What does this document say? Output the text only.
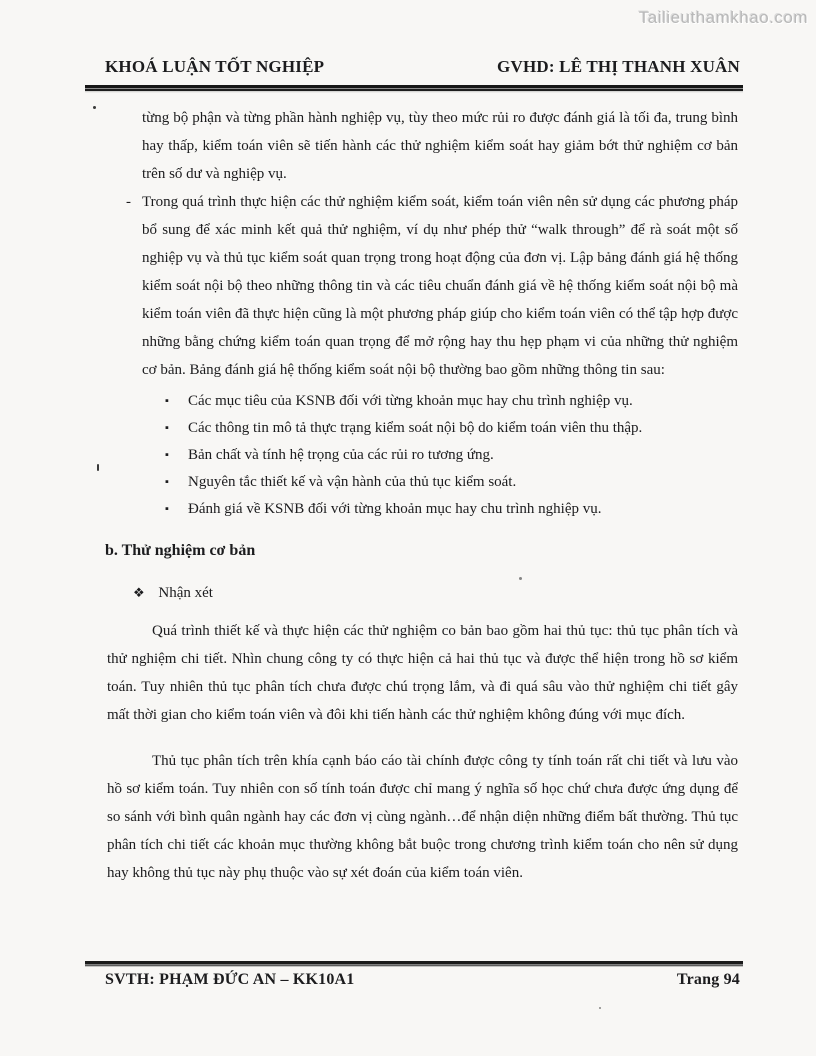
Tailieuthamkhao.com
KHOÁ LUẬN TỐT NGHIỆP	GVHD: LÊ THỊ THANH XUÂN

từng bộ phận và từng phần hành nghiệp vụ, tùy theo mức rủi ro được đánh giá là tối đa, trung bình hay thấp, kiểm toán viên sẽ tiến hành các thử nghiệm kiểm soát hay giảm bớt thử nghiệm cơ bản trên số dư và nghiệp vụ.

- Trong quá trình thực hiện các thử nghiệm kiểm soát, kiểm toán viên nên sử dụng các phương pháp bổ sung để xác minh kết quả thử nghiệm, ví dụ như phép thử “walk through” để rà soát một số nghiệp vụ và thủ tục kiểm soát quan trọng trong hoạt động của đơn vị. Lập bảng đánh giá hệ thống kiểm soát nội bộ theo những thông tin và các tiêu chuẩn đánh giá về hệ thống kiểm soát nội bộ mà kiểm toán viên đã thực hiện cũng là một phương pháp giúp cho kiểm toán viên có thể tập hợp được những bằng chứng kiểm toán quan trọng để mở rộng hay thu hẹp phạm vi của những thử nghiệm cơ bản. Bảng đánh giá hệ thống kiểm soát nội bộ thường bao gồm những thông tin sau:
▪ Các mục tiêu của KSNB đối với từng khoản mục hay chu trình nghiệp vụ.
▪ Các thông tin mô tả thực trạng kiểm soát nội bộ do kiểm toán viên thu thập.
▪ Bản chất và tính hệ trọng của các rủi ro tương ứng.
▪ Nguyên tắc thiết kế và vận hành của thủ tục kiểm soát.
▪ Đánh giá về KSNB đối với từng khoản mục hay chu trình nghiệp vụ.
b. Thử nghiệm cơ bản
❖ Nhận xét

Quá trình thiết kế và thực hiện các thử nghiệm co bản bao gồm hai thủ tục: thủ tục phân tích và thử nghiệm chi tiết. Nhìn chung công ty có thực hiện cả hai thủ tục và được thể hiện trong hồ sơ kiểm toán. Tuy nhiên thủ tục phân tích chưa được chú trọng lắm, và đi quá sâu vào thử nghiệm chi tiết gây mất thời gian cho kiểm toán viên và đôi khi tiến hành các thử nghiệm không đúng với mục đích.

Thủ tục phân tích trên khía cạnh báo cáo tài chính được công ty tính toán rất chi tiết và lưu vào hồ sơ kiểm toán. Tuy nhiên con số tính toán được chỉ mang ý nghĩa số học chứ chưa được ứng dụng để so sánh với bình quân ngành hay các đơn vị cùng ngành…để nhận diện những điểm bất thường. Thủ tục phân tích chi tiết các khoản mục thường không bắt buộc trong chương trình kiểm toán cho nên sử dụng hay không thủ tục này phụ thuộc vào sự xét đoán của kiểm toán viên.

SVTH: PHẠM ĐỨC AN – KK10A1	Trang 94
